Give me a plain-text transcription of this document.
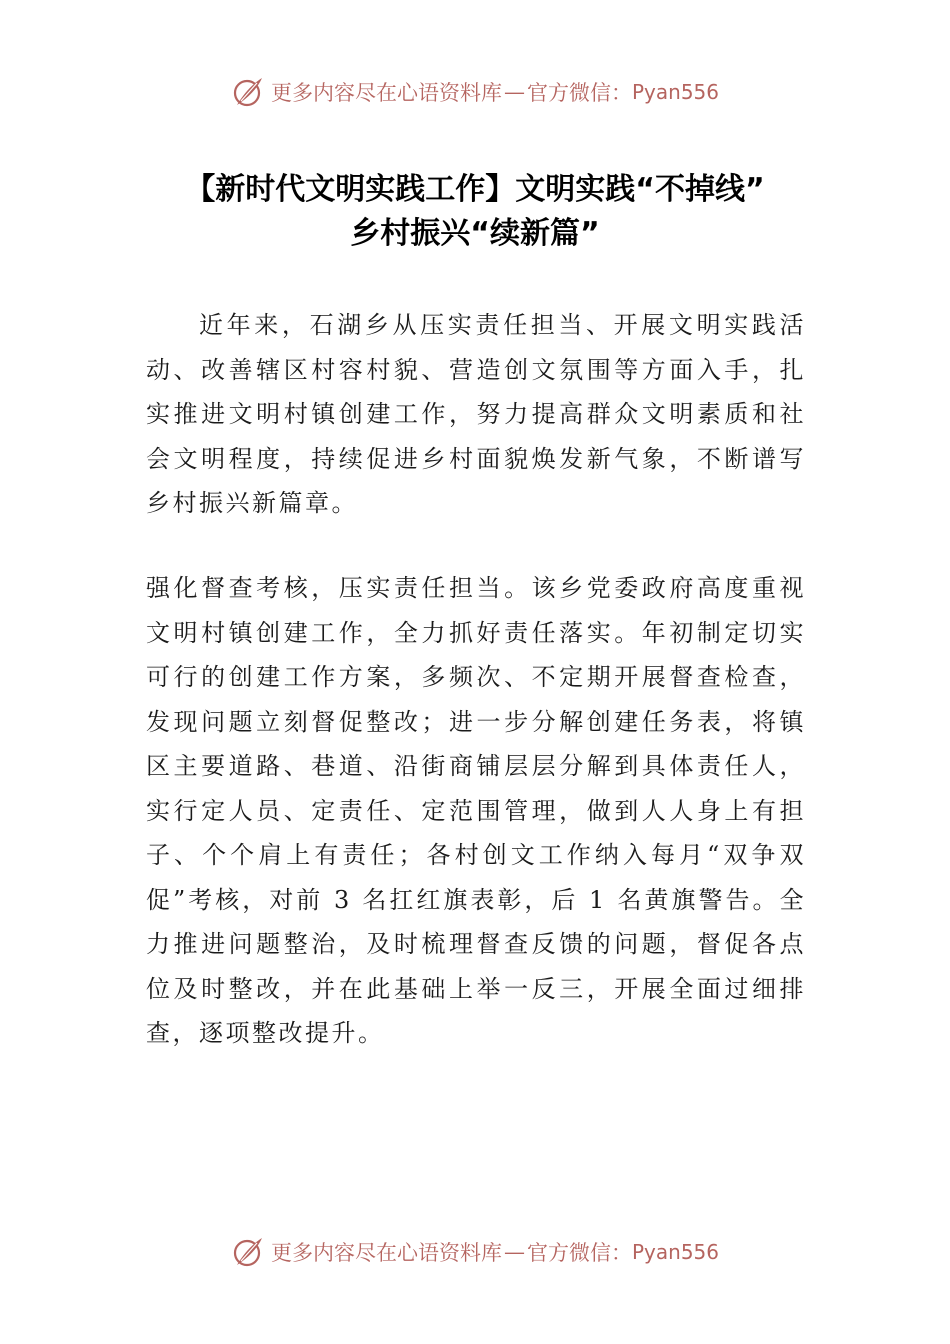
更多内容尽在心语资料库 — 官方微信： Pyan556
【新时代文明实践工作】文明实践“不掉线”
乡村振兴“续新篇”

近年来，石湖乡从压实责任担当、开展文明实践活动、改善辖区村容村貌、营造创文氛围等方面入手，扎实推进文明村镇创建工作，努力提高群众文明素质和社会文明程度，持续促进乡村面貌焕发新气象，不断谱写乡村振兴新篇章。

强化督查考核，压实责任担当。该乡党委政府高度重视文明村镇创建工作，全力抓好责任落实。年初制定切实可行的创建工作方案，多频次、不定期开展督查检查，发现问题立刻督促整改；进一步分解创建任务表，将镇区主要道路、巷道、沿街商铺层层分解到具体责任人，实行定人员、定责任、定范围管理，做到人人身上有担子、个个肩上有责任；各村创文工作纳入每月“双争双促”考核，对前 3 名扛红旗表彰，后 1 名黄旗警告。全力推进问题整治，及时梳理督查反馈的问题，督促各点位及时整改，并在此基础上举一反三，开展全面过细排查，逐项整改提升。

更多内容尽在心语资料库 — 官方微信： Pyan556
